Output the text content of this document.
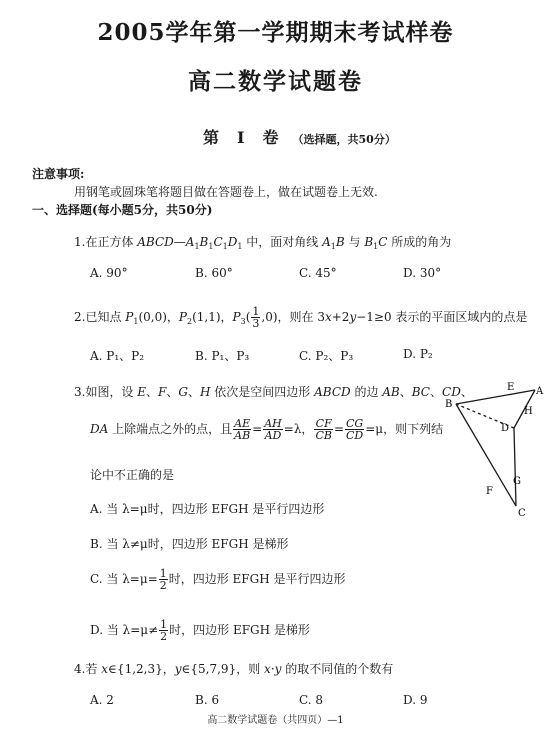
2005学年第一学期期末考试样卷
高二数学试题卷
第 Ⅰ 卷 （选择题，共50分）
注意事项:
用钢笔或圆珠笔将题目做在答题卷上，做在试题卷上无效.
一、选择题(每小题5分，共50分)
1.在正方体 $ABCD—A_1B_1C_1D_1$ 中，面对角线 $A_1B$ 与 $B_1C$ 所成的角为
A. 90°	B. 60°	C. 45°	D. 30°
2.已知点 $P_1(0,0)$，$P_2(1,1)$，$P_3( \frac{1}{3} ,0)$，则在 3x+2y−1≥0 表示的平面区域内的点是
A. P₁、P₂	B. P₁、P₃	C. P₂、P₃	D. P₂
3.如图，设 E、F、G、H 依次是空间四边形 ABCD 的边 AB、BC、CD、
DA 上除端点之外的点，且 $\frac{AE}{AB} = \frac{AH}{AD} =\lambda$， $\frac{CF}{CB} = \frac{CG}{CD} =\mu$，则下列结
论中不正确的是
A. 当 λ=μ时，四边形 EFGH 是平行四边形
B. 当 λ≠μ时，四边形 EFGH 是梯形
C. 当 $\lambda=\mu= \frac{1}{2}$ 时，四边形 EFGH 是平行四边形
D. 当 $\lambda=\mu\ne \frac{1}{2}$ 时，四边形 EFGH 是梯形
E A
B
H
D
F
G
C
4.若 x∈{1,2,3}，y∈{5,7,9}，则 x·y 的取不同值的个数有
A. 2	B. 6	C. 8	D. 9
高二数学试题卷（共四页）—1
